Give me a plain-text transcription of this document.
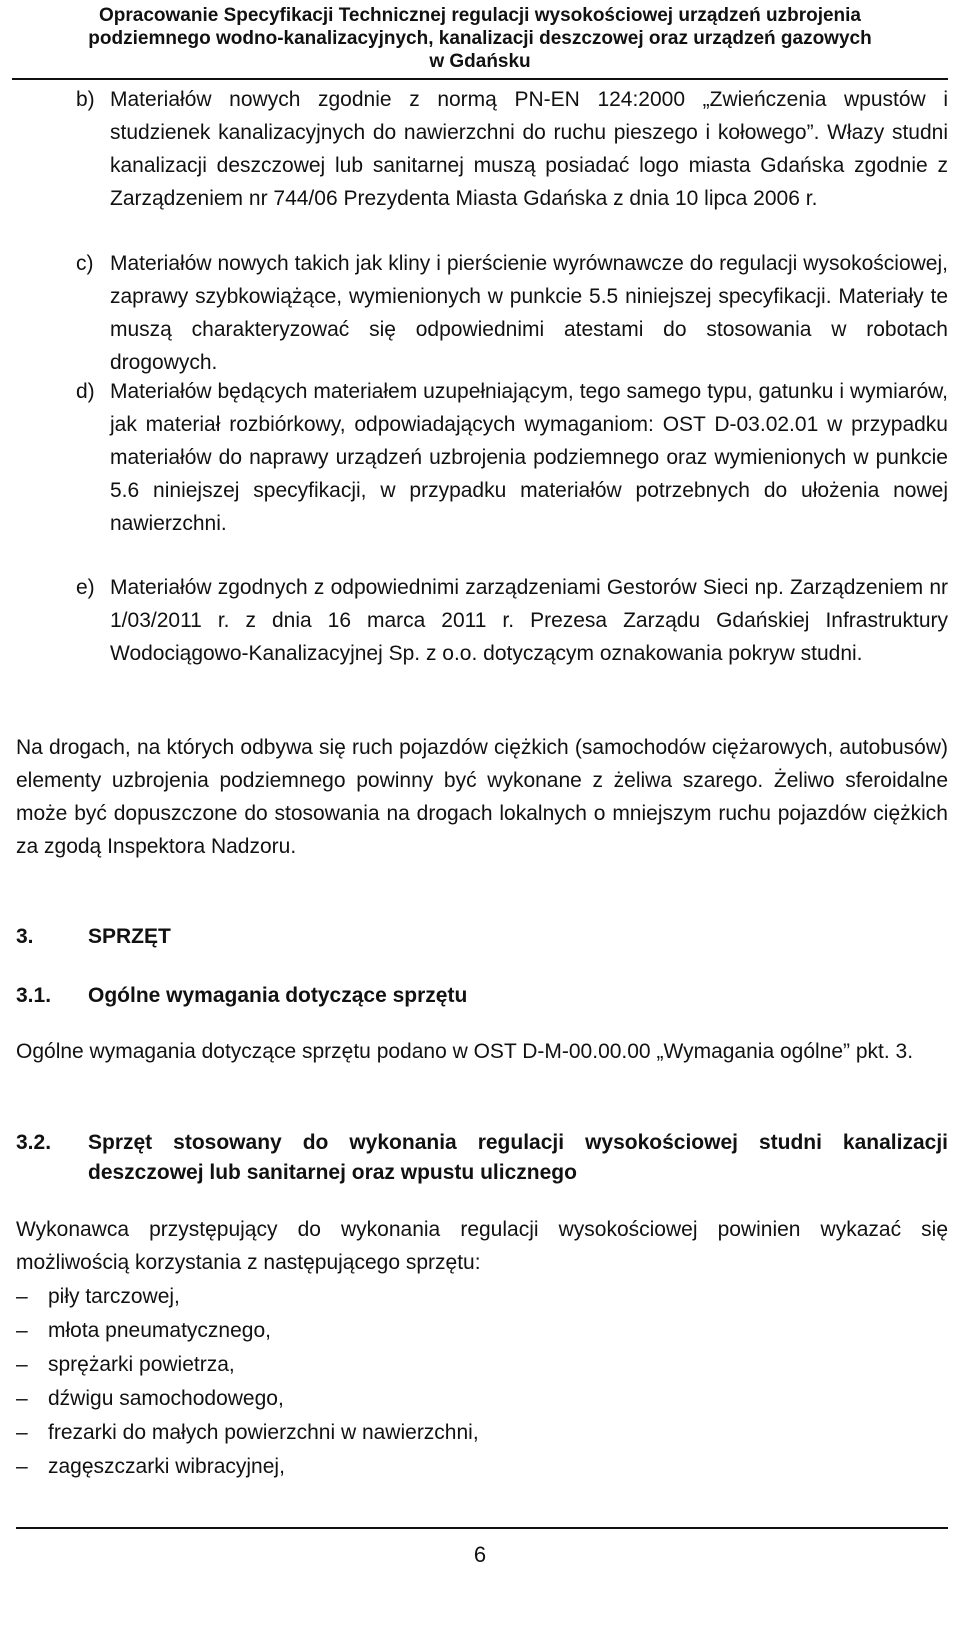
Opracowanie Specyfikacji Technicznej regulacji wysokościowej urządzeń uzbrojenia
podziemnego wodno-kanalizacyjnych, kanalizacji deszczowej oraz urządzeń gazowych
w Gdańsku
b) Materiałów nowych zgodnie z normą PN-EN 124:2000 „Zwieńczenia wpustów i studzienek kanalizacyjnych do nawierzchni do ruchu pieszego i kołowego”. Włazy studni kanalizacji deszczowej lub sanitarnej muszą posiadać logo miasta Gdańska zgodnie z Zarządzeniem nr 744/06 Prezydenta Miasta Gdańska z dnia 10 lipca 2006 r.
c) Materiałów nowych takich jak kliny i pierścienie wyrównawcze do regulacji wysokościowej, zaprawy szybkowiążące, wymienionych w punkcie 5.5 niniejszej specyfikacji. Materiały te muszą charakteryzować się odpowiednimi atestami do stosowania w robotach drogowych.
d) Materiałów będących materiałem uzupełniającym, tego samego typu, gatunku i wymiarów, jak materiał rozbiórkowy, odpowiadających wymaganiom: OST D-03.02.01 w przypadku materiałów do naprawy urządzeń uzbrojenia podziemnego oraz wymienionych w punkcie 5.6 niniejszej specyfikacji, w przypadku materiałów potrzebnych do ułożenia nowej nawierzchni.
e) Materiałów zgodnych z odpowiednimi zarządzeniami Gestorów Sieci np. Zarządzeniem nr 1/03/2011 r. z dnia 16 marca 2011 r. Prezesa Zarządu Gdańskiej Infrastruktury Wodociągowo-Kanalizacyjnej Sp. z o.o. dotyczącym oznakowania pokryw studni.
Na drogach, na których odbywa się ruch pojazdów ciężkich (samochodów ciężarowych, autobusów) elementy uzbrojenia podziemnego powinny być wykonane z żeliwa szarego. Żeliwo sferoidalne może być dopuszczone do stosowania na drogach lokalnych o mniejszym ruchu pojazdów ciężkich za zgodą Inspektora Nadzoru.
3.	SPRZĘT
3.1. Ogólne wymagania dotyczące sprzętu
Ogólne wymagania dotyczące sprzętu podano w OST D-M-00.00.00 „Wymagania ogólne” pkt. 3.
3.2. Sprzęt stosowany do wykonania regulacji wysokościowej studni kanalizacji deszczowej lub sanitarnej oraz wpustu ulicznego
Wykonawca przystępujący do wykonania regulacji wysokościowej powinien wykazać się możliwością korzystania z następującego sprzętu:
– piły tarczowej,
– młota pneumatycznego,
– sprężarki powietrza,
– dźwigu samochodowego,
– frezarki do małych powierzchni w nawierzchni,
– zagęszczarki wibracyjnej,
6
